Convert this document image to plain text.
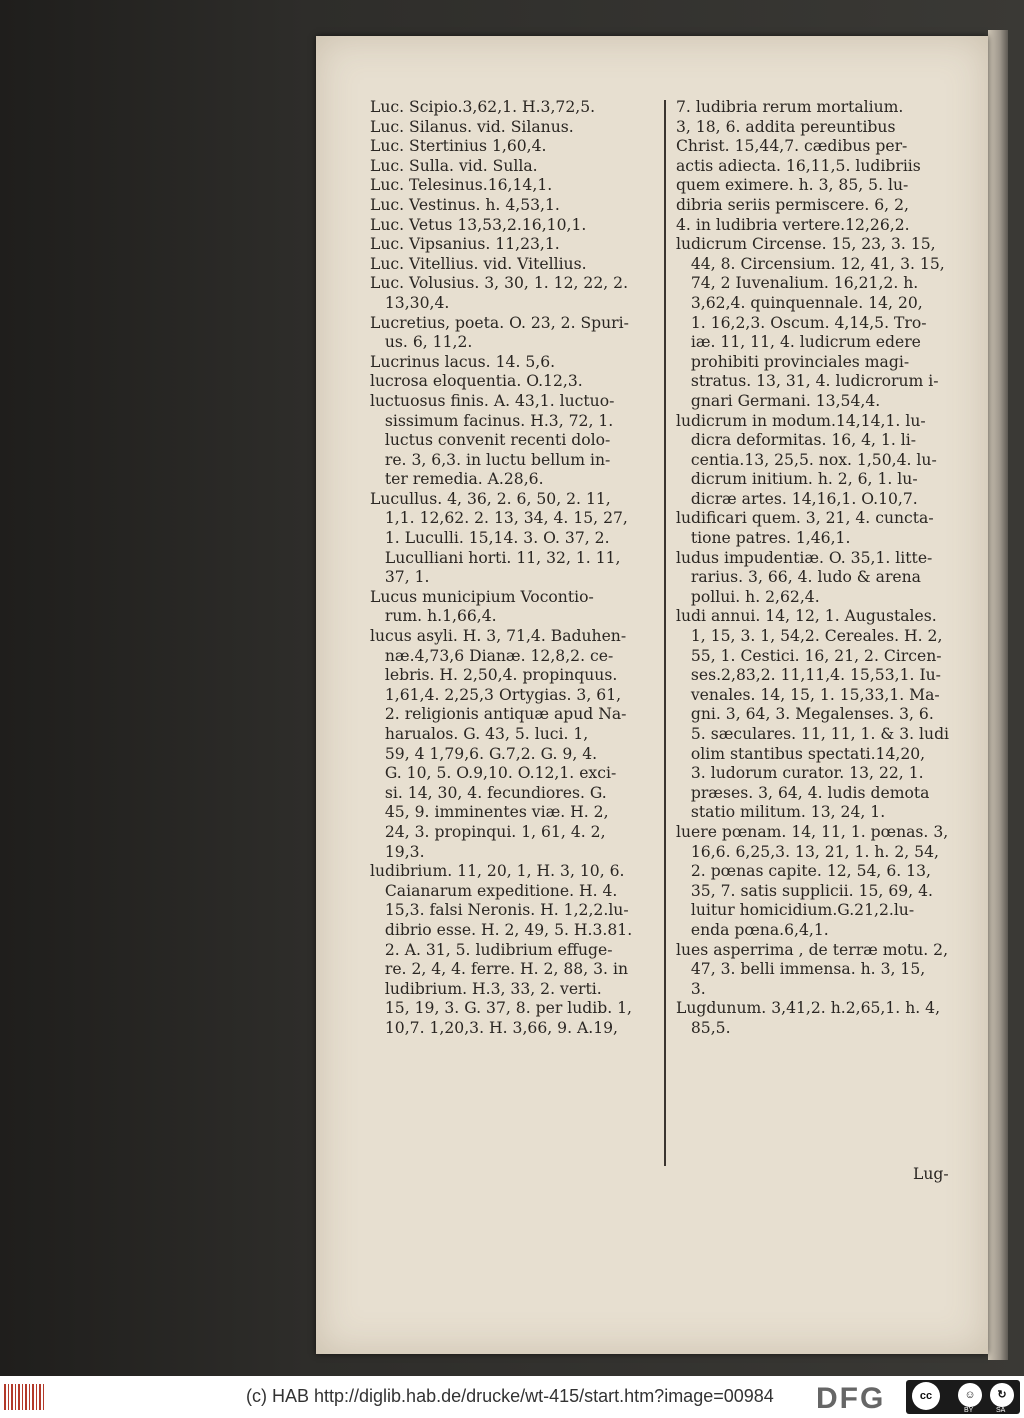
Luc. Scipio.3,62,1. H.3,72,5.
Luc. Silanus. vid. Silanus.
Luc. Stertinius 1,60,4.
Luc. Sulla. vid. Sulla.
Luc. Telesinus.16,14,1.
Luc. Vestinus. h. 4,53,1.
Luc. Vetus 13,53,2.16,10,1.
Luc. Vipsanius. 11,23,1.
Luc. Vitellius. vid. Vitellius.
Luc. Volusius. 3, 30, 1. 12, 22, 2.
13,30,4.
Lucretius, poeta. O. 23, 2. Spuri-
us. 6, 11,2.
Lucrinus lacus. 14. 5,6.
lucrosa eloquentia. O.12,3.
luctuosus finis. A. 43,1. luctuo-
sissimum facinus. H.3, 72, 1.
luctus convenit recenti dolo-
re. 3, 6,3. in luctu bellum in-
ter remedia. A.28,6.
Lucullus. 4, 36, 2. 6, 50, 2. 11,
1,1. 12,62. 2. 13, 34, 4. 15, 27,
1. Luculli. 15,14. 3. O. 37, 2.
Luculliani horti. 11, 32, 1. 11,
37, 1.
Lucus municipium Vocontio-
rum. h.1,66,4.
lucus asyli. H. 3, 71,4. Baduhen-
næ.4,73,6 Dianæ. 12,8,2. ce-
lebris. H. 2,50,4. propinquus.
1,61,4. 2,25,3 Ortygias. 3, 61,
2. religionis antiquæ apud Na-
harualos. G. 43, 5. luci. 1,
59, 4 1,79,6. G.7,2. G. 9, 4.
G. 10, 5. O.9,10. O.12,1. exci-
si. 14, 30, 4. fecundiores. G.
45, 9. imminentes viæ. H. 2,
24, 3. propinqui. 1, 61, 4. 2,
19,3.
ludibrium. 11, 20, 1, H. 3, 10, 6.
Caianarum expeditione. H. 4.
15,3. falsi Neronis. H. 1,2,2.lu-
dibrio esse. H. 2, 49, 5. H.3.81.
2. A. 31, 5. ludibrium effuge-
re. 2, 4, 4. ferre. H. 2, 88, 3. in
ludibrium. H.3, 33, 2. verti.
15, 19, 3. G. 37, 8. per ludib. 1,
10,7. 1,20,3. H. 3,66, 9. A.19,
7. ludibria rerum mortalium.
3, 18, 6. addita pereuntibus
Christ. 15,44,7. cædibus per-
actis adiecta. 16,11,5. ludibriis
quem eximere. h. 3, 85, 5. lu-
dibria seriis permiscere. 6, 2,
4. in ludibria vertere.12,26,2.
ludicrum Circense. 15, 23, 3. 15,
44, 8. Circensium. 12, 41, 3. 15,
74, 2 Iuvenalium. 16,21,2. h.
3,62,4. quinquennale. 14, 20,
1. 16,2,3. Oscum. 4,14,5. Tro-
iæ. 11, 11, 4. ludicrum edere
prohibiti provinciales magi-
stratus. 13, 31, 4. ludicrorum i-
gnari Germani. 13,54,4.
ludicrum in modum.14,14,1. lu-
dicra deformitas. 16, 4, 1. li-
centia.13, 25,5. nox. 1,50,4. lu-
dicrum initium. h. 2, 6, 1. lu-
dicræ artes. 14,16,1. O.10,7.
ludificari quem. 3, 21, 4. cuncta-
tione patres. 1,46,1.
ludus impudentiæ. O. 35,1. litte-
rarius. 3, 66, 4. ludo & arena
pollui. h. 2,62,4.
ludi annui. 14, 12, 1. Augustales.
1, 15, 3. 1, 54,2. Cereales. H. 2,
55, 1. Cestici. 16, 21, 2. Circen-
ses.2,83,2. 11,11,4. 15,53,1. Iu-
venales. 14, 15, 1. 15,33,1. Ma-
gni. 3, 64, 3. Megalenses. 3, 6.
5. sæculares. 11, 11, 1. & 3. ludi
olim stantibus spectati.14,20,
3. ludorum curator. 13, 22, 1.
præses. 3, 64, 4. ludis demota
statio militum. 13, 24, 1.
luere pœnam. 14, 11, 1. pœnas. 3,
16,6. 6,25,3. 13, 21, 1. h. 2, 54,
2. pœnas capite. 12, 54, 6. 13,
35, 7. satis supplicii. 15, 69, 4.
luitur homicidium.G.21,2.lu-
enda pœna.6,4,1.
lues asperrima , de terræ motu. 2,
47, 3. belli immensa. h. 3, 15,
3.
Lugdunum. 3,41,2. h.2,65,1. h. 4,
85,5.
Lug-
(c) HAB http://diglib.hab.de/drucke/wt-415/start.htm?image=00984 DFG	cc	☺	↻
BY	SA
